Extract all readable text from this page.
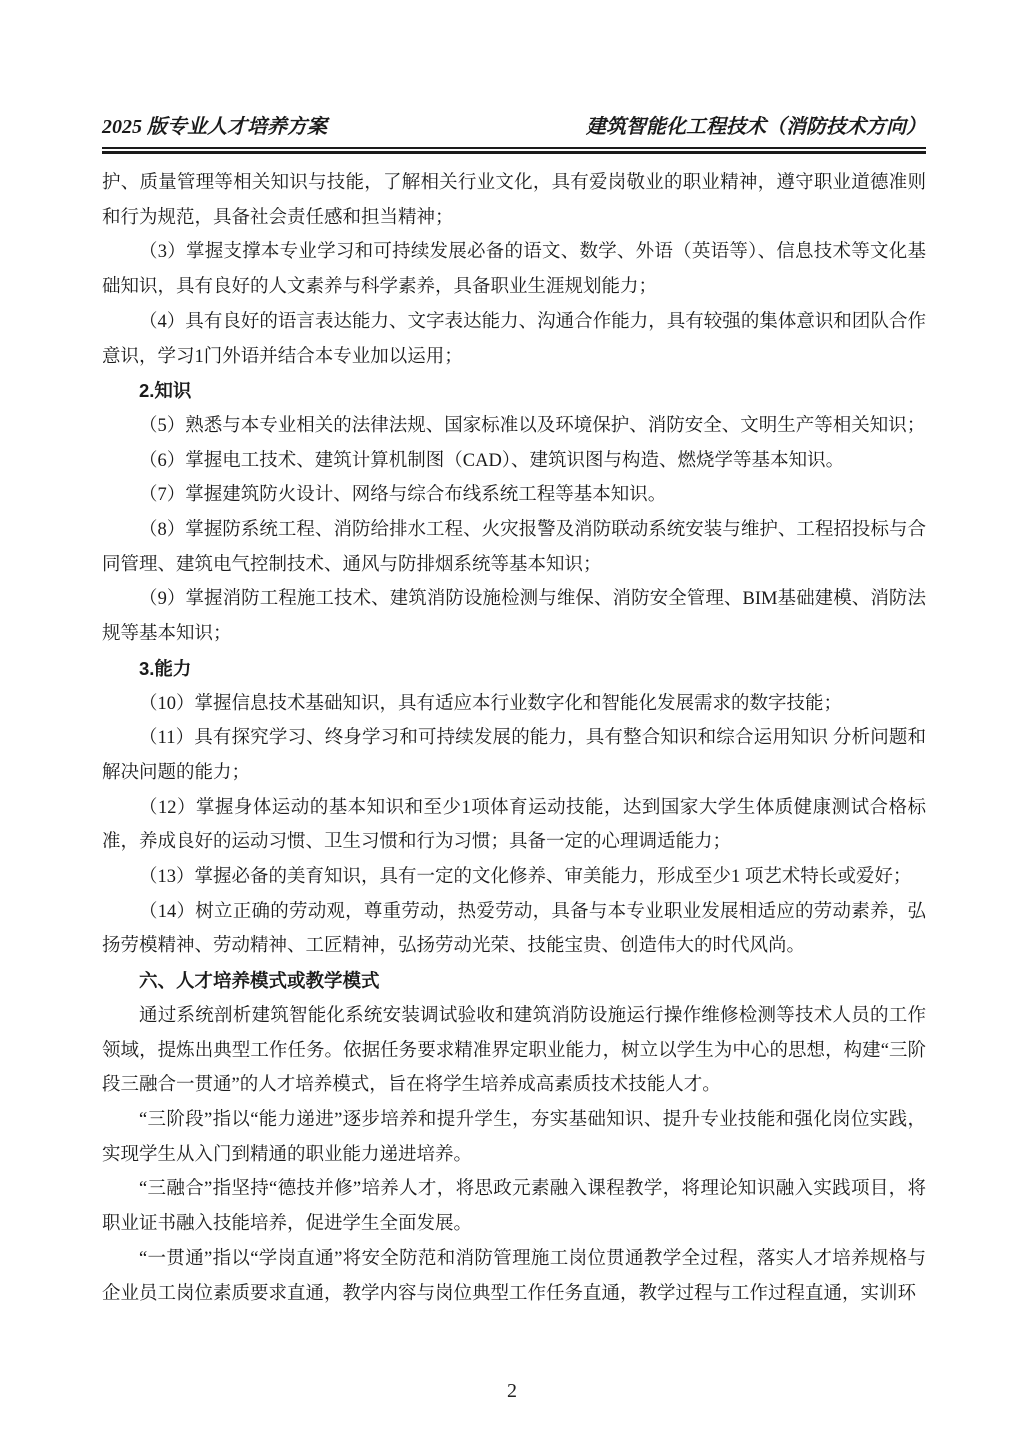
2025 版专业人才培养方案	建筑智能化工程技术（消防技术方向）

护、质量管理等相关知识与技能，了解相关行业文化，具有爱岗敬业的职业精神，遵守职业道德准则和行为规范，具备社会责任感和担当精神；

（3）掌握支撑本专业学习和可持续发展必备的语文、数学、外语（英语等）、信息技术等文化基础知识，具有良好的人文素养与科学素养，具备职业生涯规划能力；

（4）具有良好的语言表达能力、文字表达能力、沟通合作能力，具有较强的集体意识和团队合作意识，学习1门外语并结合本专业加以运用；

2.知识

（5）熟悉与本专业相关的法律法规、国家标准以及环境保护、消防安全、文明生产等相关知识；

（6）掌握电工技术、建筑计算机制图（CAD）、建筑识图与构造、燃烧学等基本知识。

（7）掌握建筑防火设计、网络与综合布线系统工程等基本知识。

（8）掌握防系统工程、消防给排水工程、火灾报警及消防联动系统安装与维护、工程招投标与合同管理、建筑电气控制技术、通风与防排烟系统等基本知识；

（9）掌握消防工程施工技术、建筑消防设施检测与维保、消防安全管理、BIM基础建模、消防法规等基本知识；

3.能力

（10）掌握信息技术基础知识，具有适应本行业数字化和智能化发展需求的数字技能；

（11）具有探究学习、终身学习和可持续发展的能力，具有整合知识和综合运用知识 分析问题和解决问题的能力；

（12）掌握身体运动的基本知识和至少1项体育运动技能，达到国家大学生体质健康测试合格标准，养成良好的运动习惯、卫生习惯和行为习惯；具备一定的心理调适能力；

（13）掌握必备的美育知识，具有一定的文化修养、审美能力，形成至少1 项艺术特长或爱好；

（14）树立正确的劳动观，尊重劳动，热爱劳动，具备与本专业职业发展相适应的劳动素养，弘扬劳模精神、劳动精神、工匠精神，弘扬劳动光荣、技能宝贵、创造伟大的时代风尚。

六、人才培养模式或教学模式

通过系统剖析建筑智能化系统安装调试验收和建筑消防设施运行操作维修检测等技术人员的工作领域，提炼出典型工作任务。依据任务要求精准界定职业能力，树立以学生为中心的思想，构建“三阶段三融合一贯通”的人才培养模式，旨在将学生培养成高素质技术技能人才。

“三阶段”指以“能力递进”逐步培养和提升学生，夯实基础知识、提升专业技能和强化岗位实践，实现学生从入门到精通的职业能力递进培养。

“三融合”指坚持“德技并修”培养人才，将思政元素融入课程教学，将理论知识融入实践项目，将职业证书融入技能培养，促进学生全面发展。

“一贯通”指以“学岗直通”将安全防范和消防管理施工岗位贯通教学全过程，落实人才培养规格与企业员工岗位素质要求直通，教学内容与岗位典型工作任务直通，教学过程与工作过程直通，实训环

2
